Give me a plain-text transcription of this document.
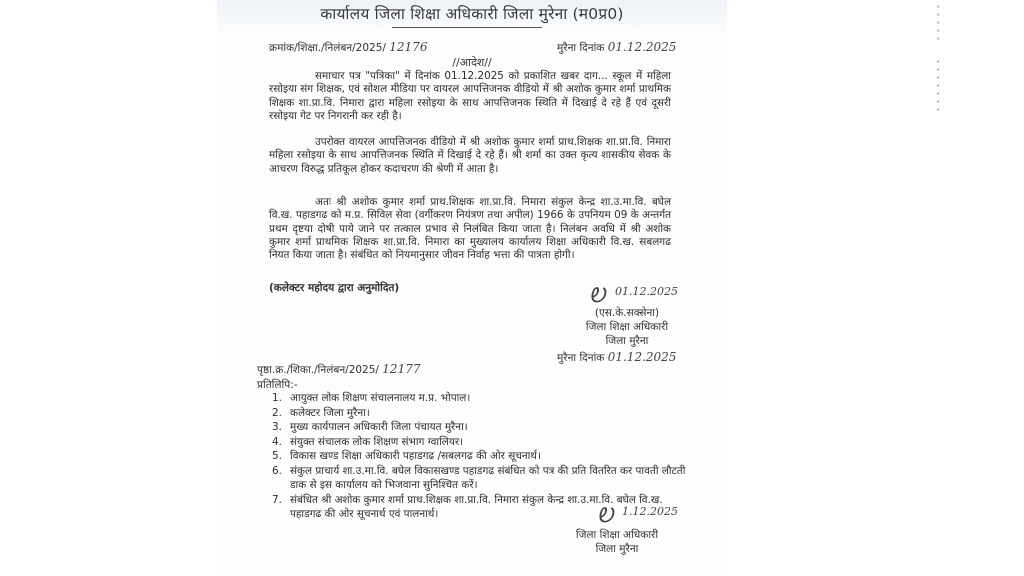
कार्यालय जिला शिक्षा अधिकारी जिला मुरेना (म0प्र0)
क्रमांक/शिक्षा./निलंबन/2025/ 12176	मुरैना दिनांक 01.12.2025
//आदेश//
समाचार पत्र "पत्रिका" में दिनांक 01.12.2025 को प्रकाशित खबर दाग... स्कूल में महिला रसोइया संग शिक्षक, एवं सोशल मीडिया पर वायरल आपत्तिजनक वीडियो में श्री अशोक कुमार शर्मा प्राथमिक शिक्षक शा.प्रा.वि. निमारा द्वारा महिला रसोइया के साथ आपत्तिजनक स्थिति में दिखाई दे रहे हैं एवं दूसरी रसोइया गेट पर निगरानी कर रही है।
उपरोक्त वायरल आपत्तिजनक वीडियो में श्री अशोक कुमार शर्मा प्राथ.शिक्षक शा.प्रा.वि. निमारा महिला रसोइया के साथ आपत्तिजनक स्थिति में दिखाई दे रहे हैं। श्री शर्मा का उक्त कृत्य शासकीय सेवक के आचरण विरुद्ध प्रतिकूल होकर कदाचरण की श्रेणी में आता है।
अतः श्री अशोक कुमार शर्मा प्राथ.शिक्षक शा.प्रा.वि. निमारा संकुल केन्द्र शा.उ.मा.वि. बघेल वि.ख. पहाडगढ को म.प्र. सिविल सेवा (वर्गीकरण नियंत्रण तथा अपील) 1966 के उपनियम 09 के अन्तर्गत प्रथम दृष्टया दोषी पाये जाने पर तत्काल प्रभाव से निलंबित किया जाता है। निलंबन अवधि में श्री अशोक कुमार शर्मा प्राथमिक शिक्षक शा.प्रा.वि. निमारा का मुख्यालय कार्यालय शिक्षा अधिकारी वि.ख. सबलगढ नियत किया जाता है। संबंधित को नियमानुसार जीवन निर्वाह भत्ता की पात्रता होगी।
(कलेक्टर महोदय द्वारा अनुमोदित)	Ꭷ 01.12.2025
(एस.के.सक्सेना)
जिला शिक्षा अधिकारी
जिला मुरैना
मुरैना दिनांक 01.12.2025
पृष्ठा.क्र./शिका./निलंबन/2025/ 12177
प्रतिलिपि:-
1. आयुक्त लोक शिक्षण संचालनालय म.प्र. भोपाल।
2. कलेक्टर जिला मुरैना।
3. मुख्य कार्यपालन अधिकारी जिला पंचायत मुरैना।
4. संयुक्त संचालक लोक शिक्षण संभाग ग्वालियर।
5. विकास खण्ड शिक्षा अधिकारी पहाडगढ /सबलगढ की ओर सूचनार्थ।
6. संकुल प्राचार्य शा.उ.मा.वि. बघेल विकासखण्ड पहाडगढ संबंधित को पत्र की प्रति वितरित कर पावती लौटती डाक से इस कार्यालय को भिजवाना सुनिश्चित करें।
7. संबंधित श्री अशोक कुमार शर्मा प्राथ.शिक्षक शा.प्रा.वि. निमारा संकुल केन्द्र शा.उ.मा.वि. बघेल वि.ख. पहाडगढ की ओर सूचनार्थ एवं पालनार्थ।	Ꭷ 1.12.2025
जिला शिक्षा अधिकारी
जिला मुरैना
